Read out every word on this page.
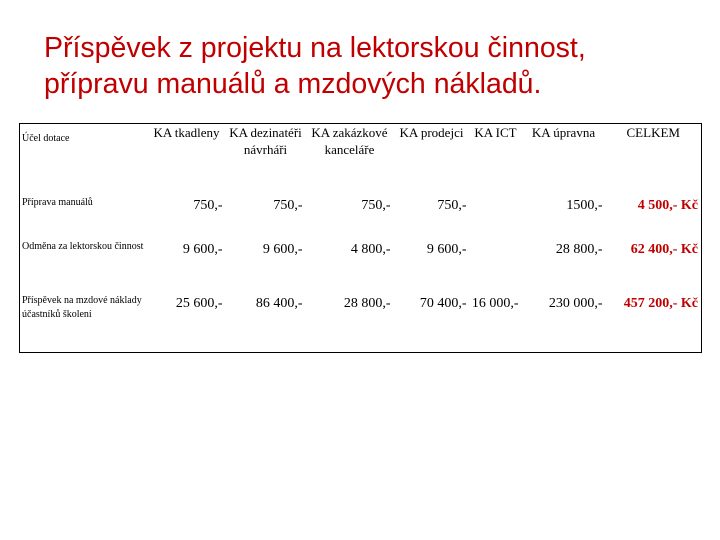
Příspěvek z projektu na lektorskou činnost,
přípravu manuálů a mzdových nákladů.
Účel dotace	KA tkadleny	KA dezinatéři návrháři	KA zakázkové kanceláře	KA prodejci	KA ICT	KA úpravna	CELKEM
Příprava manuálů	750,-	750,-	750,-	750,-		1500,-	4 500,- Kč
Odměna za lektorskou činnost	9 600,-	9 600,-	4 800,-	9 600,-		28 800,-	62 400,- Kč
Příspěvek na mzdové náklady účastníků školení	25 600,-	86 400,-	28 800,-	70 400,-	16 000,-	230 000,-	457 200,- Kč
